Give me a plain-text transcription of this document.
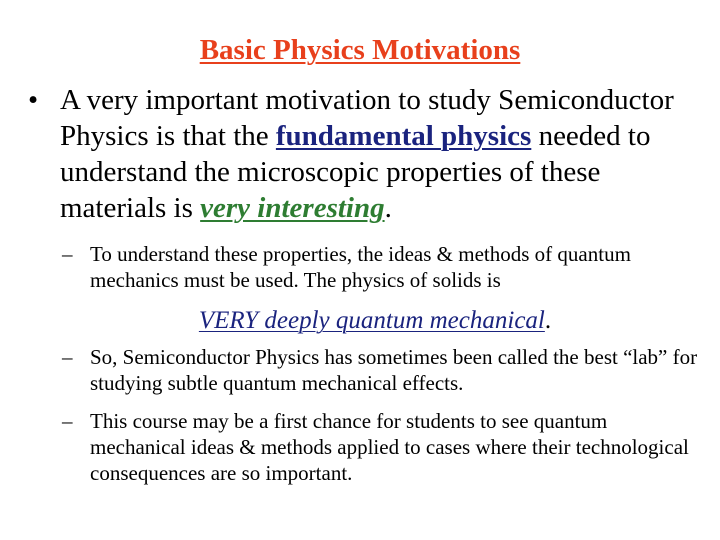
Basic Physics Motivations
• A very important motivation to study Semiconductor Physics is that the fundamental physics needed to understand the microscopic properties of these materials is very interesting.
– To understand these properties, the ideas & methods of quantum mechanics must be used. The physics of solids is
VERY deeply quantum mechanical.
– So, Semiconductor Physics has sometimes been called the best “lab” for studying subtle quantum mechanical effects.
– This course may be a first chance for students to see quantum mechanical ideas & methods applied to cases where their technological consequences are so important.
